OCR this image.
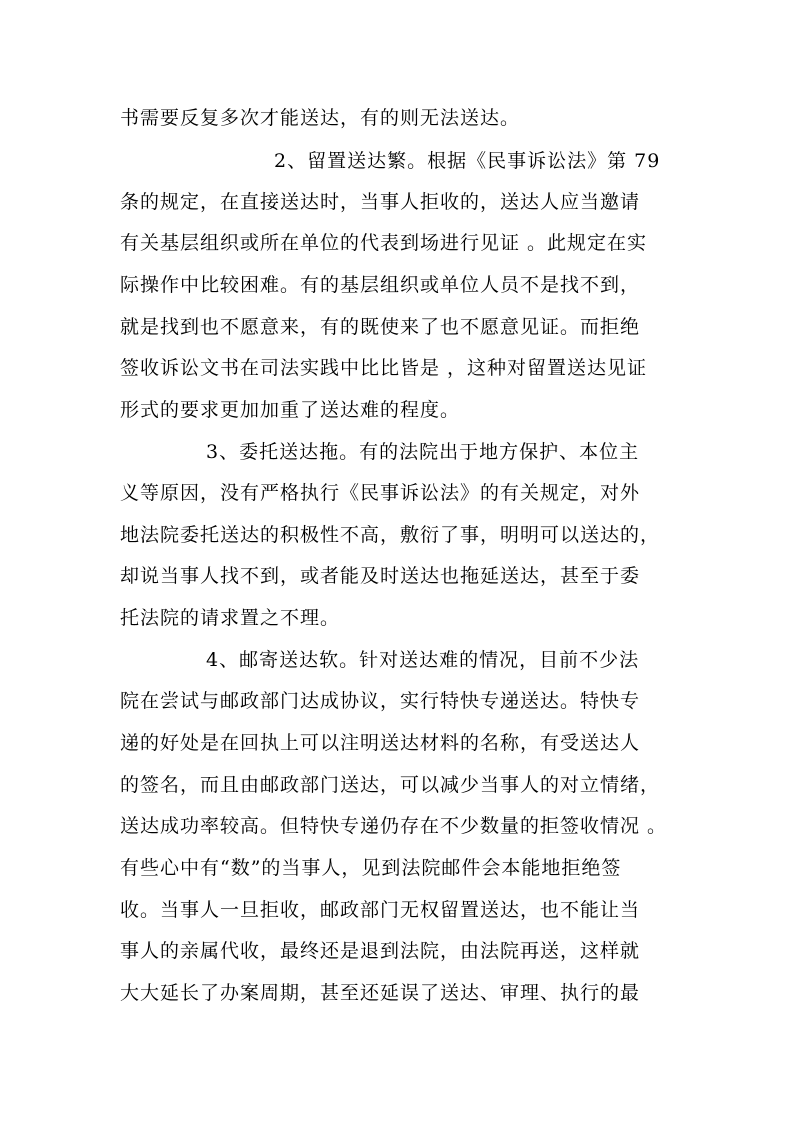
书需要反复多次才能送达，有的则无法送达。
2、留置送达繁。根据《民事诉讼法》第 79
条的规定，在直接送达时，当事人拒收的，送达人应当邀请
有关基层组织或所在单位的代表到场进行见证 。此规定在实
际操作中比较困难。有的基层组织或单位人员不是找不到，
就是找到也不愿意来，有的既使来了也不愿意见证。而拒绝
签收诉讼文书在司法实践中比比皆是 ，这种对留置送达见证
形式的要求更加加重了送达难的程度。
3、委托送达拖。有的法院出于地方保护、本位主
义等原因，没有严格执行《民事诉讼法》的有关规定，对外
地法院委托送达的积极性不高，敷衍了事，明明可以送达的，
却说当事人找不到，或者能及时送达也拖延送达，甚至于委
托法院的请求置之不理。
4、邮寄送达软。针对送达难的情况，目前不少法
院在尝试与邮政部门达成协议，实行特快专递送达。特快专
递的好处是在回执上可以注明送达材料的名称，有受送达人
的签名，而且由邮政部门送达，可以减少当事人的对立情绪，
送达成功率较高。但特快专递仍存在不少数量的拒签收情况 。
有些心中有“数”的当事人，见到法院邮件会本能地拒绝签
收。当事人一旦拒收，邮政部门无权留置送达，也不能让当
事人的亲属代收，最终还是退到法院，由法院再送，这样就
大大延长了办案周期，甚至还延误了送达、审理、执行的最
